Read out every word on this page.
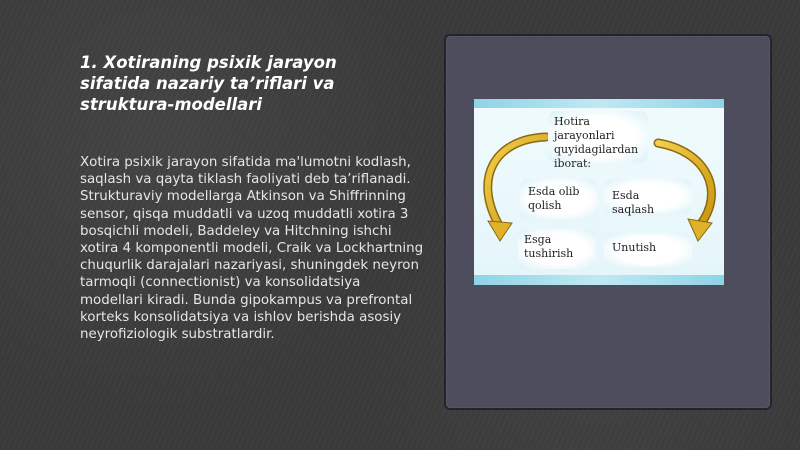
1. Xotiraning psixik jarayon sifatida nazariy ta’riflari va struktura-modellari
Xotira psixik jarayon sifatida ma'lumotni kodlash, saqlash va qayta tiklash faoliyati deb ta’riflanadi. Strukturaviy modellarga Atkinson va Shiffrinning sensor, qisqa muddatli va uzoq muddatli xotira 3 bosqichli modeli, Baddeley va Hitchning ishchi xotira 4 komponentli modeli, Craik va Lockhartning chuqurlik darajalari nazariyasi, shuningdek neyron tarmoqli (connectionist) va konsolidatsiya modellari kiradi. Bunda gipokampus va prefrontal korteks konsolidatsiya va ishlov berishda asosiy neyrofiziologik substratlardir.
Hotira jarayonlari quyidagilardan iborat:
Esda olib qolish
Esda saqlash
Esga tushirish	Unutish
